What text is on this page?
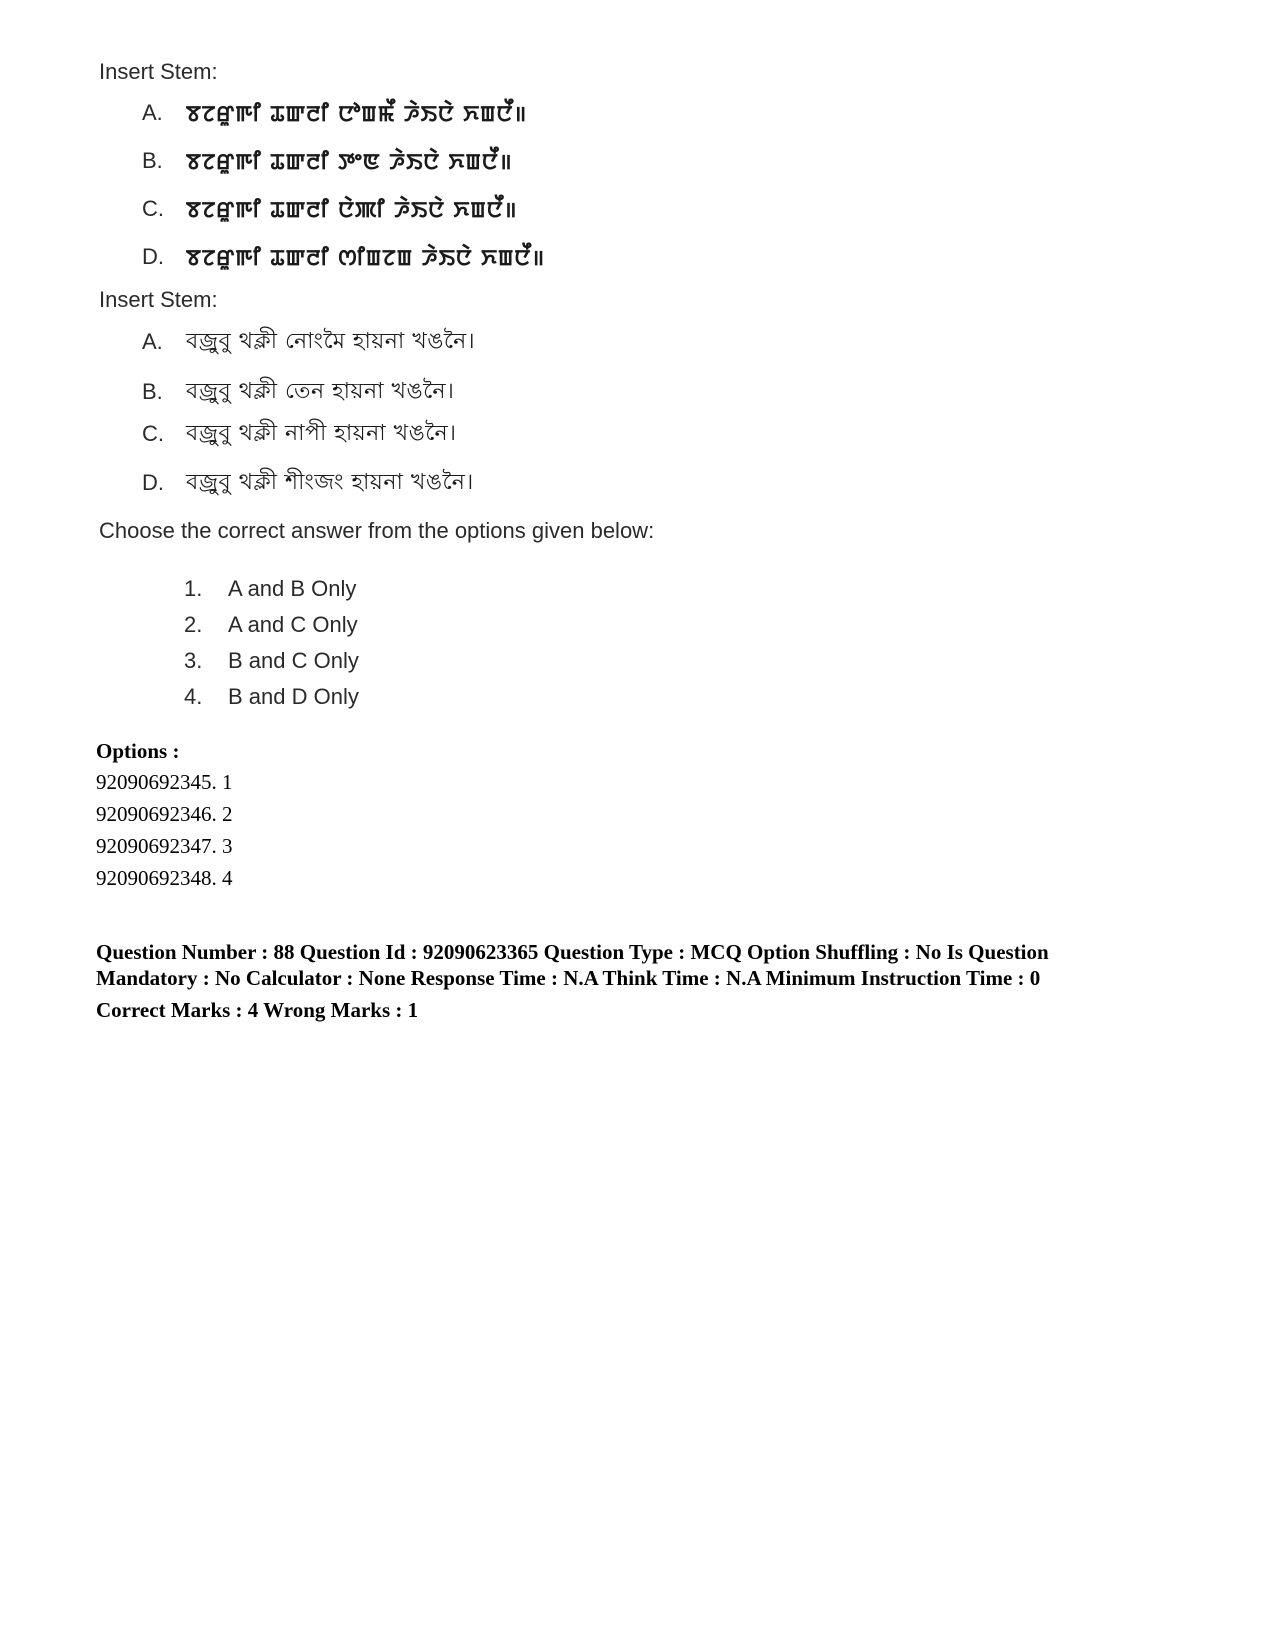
Insert Stem:
A.	ꯕꯖꯔꯨꯒꯤ ꯊꯛꯂꯤ ꯅꯣꯡꯃꯩ ꯍꯥꯏꯅꯥ ꯈꯡꯅꯩ॥
B.	ꯕꯖꯔꯨꯒꯤ ꯊꯛꯂꯤ ꯇꯦꯟ ꯍꯥꯏꯅꯥ ꯈꯡꯅꯩ॥
C.	ꯕꯖꯔꯨꯒꯤ ꯊꯛꯂꯤ ꯅꯥꯄꯤ ꯍꯥꯏꯅꯥ ꯈꯡꯅꯩ॥
D.	ꯕꯖꯔꯨꯒꯤ ꯊꯛꯂꯤ ꯁꯤꯡꯖꯡ ꯍꯥꯏꯅꯥ ꯈꯡꯅꯩ॥
Insert Stem:
A.	বজ্রুবু থক্লী নোংমৈ হায়না খঙনৈ।
B.	বজ্রুবু থক্লী তেন হায়না খঙনৈ।
C.	বজ্রুবু থক্লী নাপী হায়না খঙনৈ।
D.	বজ্রুবু থক্লী শীংজং হায়না খঙনৈ।
Choose the correct answer from the options given below:
1.	A and B Only
2.	A and C Only
3.	B and C Only
4.	B and D Only
Options :
92090692345. 1
92090692346. 2
92090692347. 3
92090692348. 4
Question Number : 88 Question Id : 92090623365 Question Type : MCQ Option Shuffling : No Is Question
Mandatory : No Calculator : None Response Time : N.A Think Time : N.A Minimum Instruction Time : 0
Correct Marks : 4 Wrong Marks : 1
